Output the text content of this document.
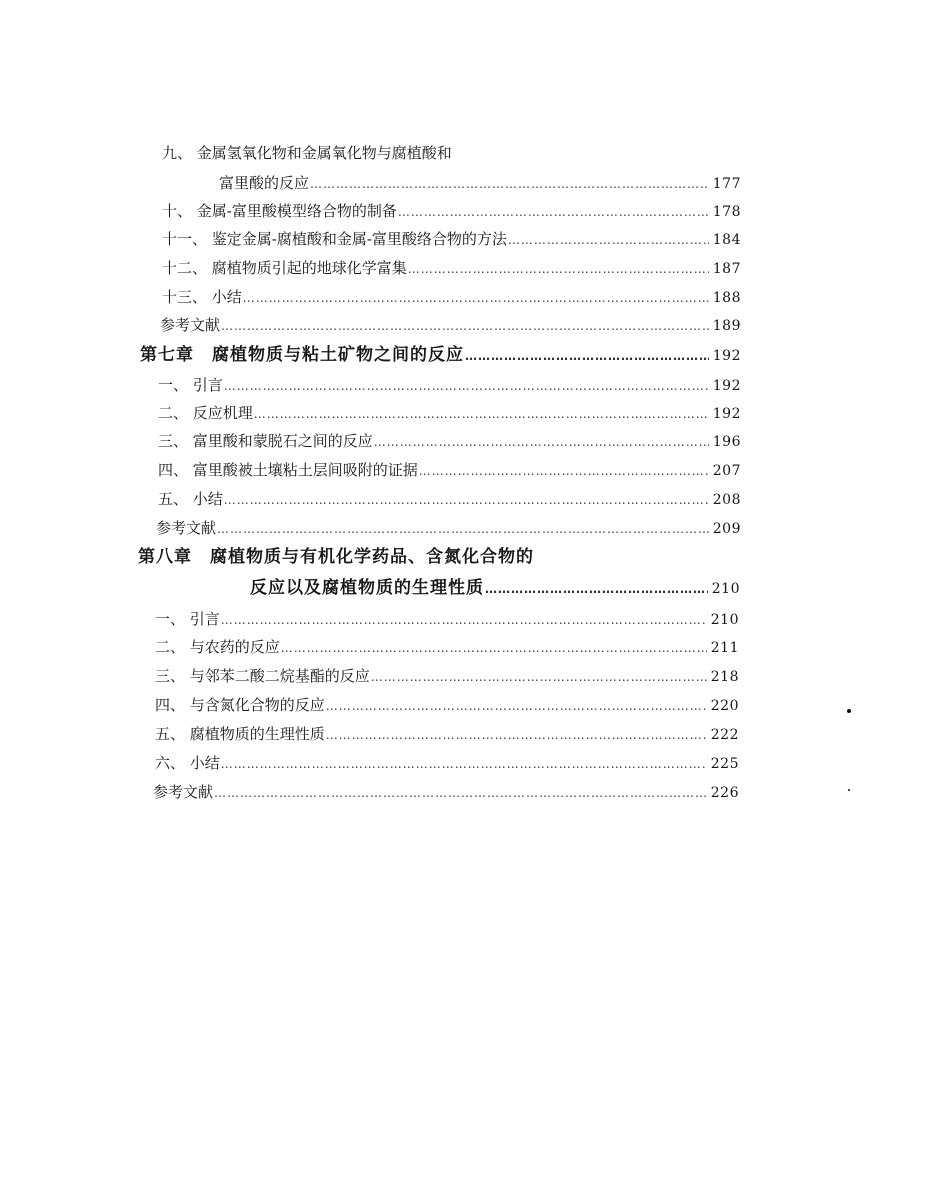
九、 金属氢氧化物和金属氧化物与腐植酸和
富里酸的反应 ………………………………………………………………………………………………………………………………………………………………………………	177
十、 金属-富里酸模型络合物的制备 ………………………………………………………………………………………………………………………………………………………………………………	178
十一、 鉴定金属-腐植酸和金属-富里酸络合物的方法 ………………………………………………………………………………………………………………………………………………………………………………	184
十二、 腐植物质引起的地球化学富集 ………………………………………………………………………………………………………………………………………………………………………………	187
十三、 小结 ………………………………………………………………………………………………………………………………………………………………………………	188
参考文献 ………………………………………………………………………………………………………………………………………………………………………………	189
第七章　腐植物质与粘土矿物之间的反应 ………………………………………………………………………………………………………………………………………………………………………………	192
一、 引言 ………………………………………………………………………………………………………………………………………………………………………………	192
二、 反应机理 ………………………………………………………………………………………………………………………………………………………………………………	192
三、 富里酸和蒙脱石之间的反应 ………………………………………………………………………………………………………………………………………………………………………………	196
四、 富里酸被土壤粘土层间吸附的证据 ………………………………………………………………………………………………………………………………………………………………………………	207
五、 小结 ………………………………………………………………………………………………………………………………………………………………………………	208
参考文献 ………………………………………………………………………………………………………………………………………………………………………………	209
第八章　腐植物质与有机化学药品、含氮化合物的
反应以及腐植物质的生理性质 ………………………………………………………………………………………………………………………………………………………………………………	210
一、 引言 ………………………………………………………………………………………………………………………………………………………………………………	210
二、 与农药的反应 ………………………………………………………………………………………………………………………………………………………………………………	211
三、 与邻苯二酸二烷基酯的反应 ………………………………………………………………………………………………………………………………………………………………………………	218
四、 与含氮化合物的反应 ………………………………………………………………………………………………………………………………………………………………………………	220
五、 腐植物质的生理性质 ………………………………………………………………………………………………………………………………………………………………………………	222
六、 小结 ………………………………………………………………………………………………………………………………………………………………………………	225
参考文献 ………………………………………………………………………………………………………………………………………………………………………………	226
